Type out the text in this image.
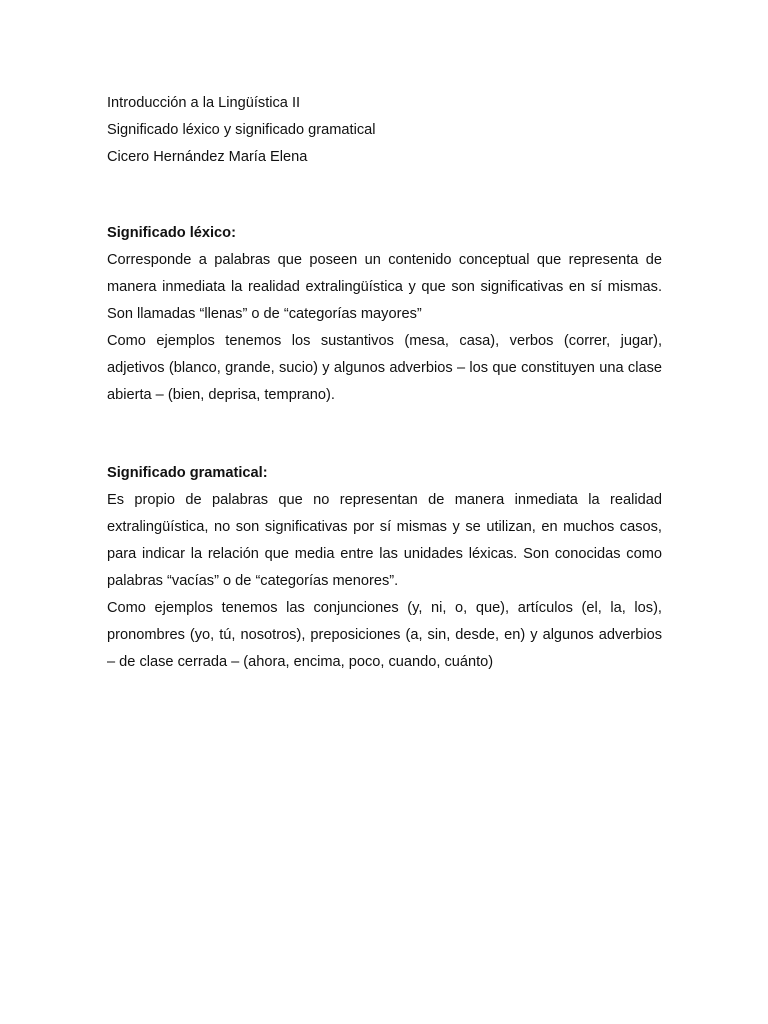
Introducción a la Lingüística II
Significado léxico y significado gramatical
Cicero Hernández María Elena
Significado léxico:

Corresponde a palabras que poseen un contenido conceptual que representa de manera inmediata la realidad extralingüística y que son significativas en sí mismas. Son llamadas “llenas” o de “categorías mayores”

Como ejemplos tenemos los sustantivos (mesa, casa), verbos (correr, jugar), adjetivos (blanco, grande, sucio) y algunos adverbios – los que constituyen una clase abierta – (bien, deprisa, temprano).

Significado gramatical:

Es propio de palabras que no representan de manera inmediata la realidad extralingüística, no son significativas por sí mismas y se utilizan, en muchos casos, para indicar la relación que media entre las unidades léxicas. Son conocidas como palabras “vacías” o de “categorías menores”.

Como ejemplos tenemos las conjunciones (y, ni, o, que), artículos (el, la, los), pronombres (yo, tú, nosotros), preposiciones (a, sin, desde, en) y algunos adverbios – de clase cerrada – (ahora, encima, poco, cuando, cuánto)
